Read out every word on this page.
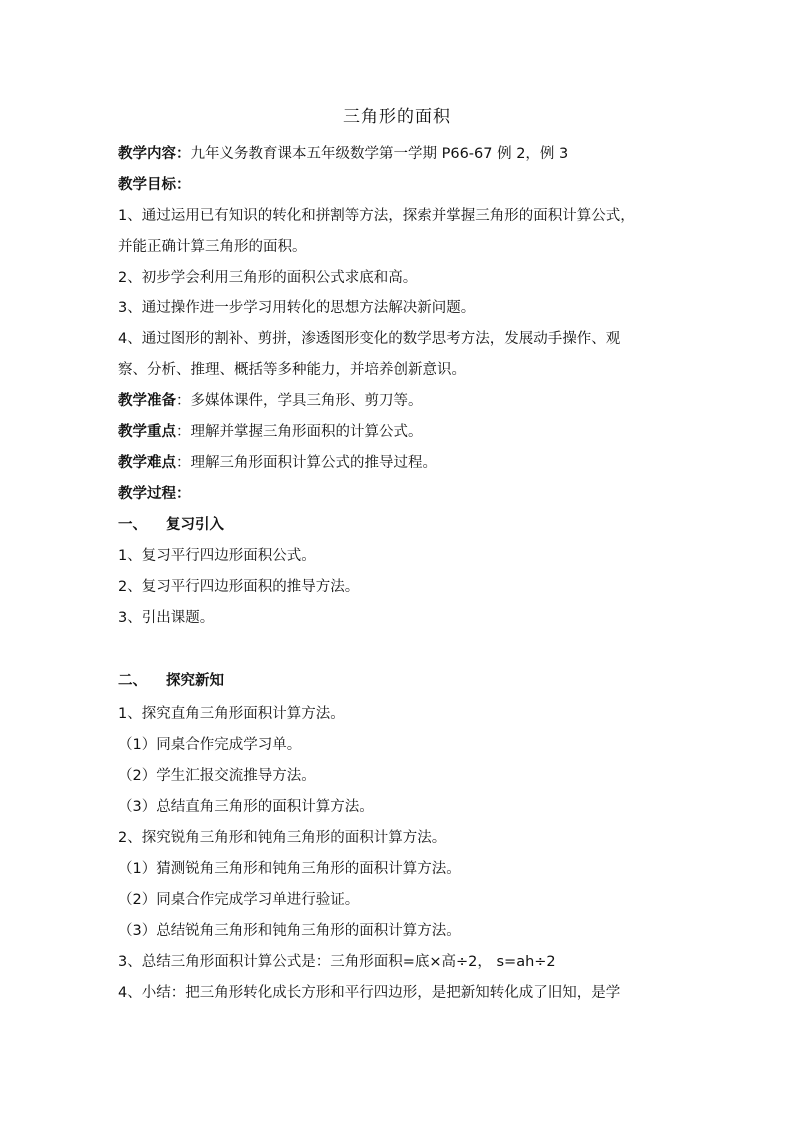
三角形的面积
教学内容：九年义务教育课本五年级数学第一学期 P66-67 例 2，例 3
教学目标：
1、通过运用已有知识的转化和拼割等方法，探索并掌握三角形的面积计算公式，
并能正确计算三角形的面积。
2、初步学会利用三角形的面积公式求底和高。
3、通过操作进一步学习用转化的思想方法解决新问题。
4、通过图形的割补、剪拼，渗透图形变化的数学思考方法，发展动手操作、观
察、分析、推理、概括等多种能力，并培养创新意识。
教学准备：多媒体课件，学具三角形、剪刀等。
教学重点：理解并掌握三角形面积的计算公式。
教学难点：理解三角形面积计算公式的推导过程。
教学过程：
一、 复习引入
1、复习平行四边形面积公式。
2、复习平行四边形面积的推导方法。
3、引出课题。
二、 探究新知
1、探究直角三角形面积计算方法。
（1）同桌合作完成学习单。
（2）学生汇报交流推导方法。
（3）总结直角三角形的面积计算方法。
2、探究锐角三角形和钝角三角形的面积计算方法。
（1）猜测锐角三角形和钝角三角形的面积计算方法。
（2）同桌合作完成学习单进行验证。
（3）总结锐角三角形和钝角三角形的面积计算方法。
3、总结三角形面积计算公式是：三角形面积=底×高÷2， s=ah÷2
4、小结：把三角形转化成长方形和平行四边形，是把新知转化成了旧知，是学
